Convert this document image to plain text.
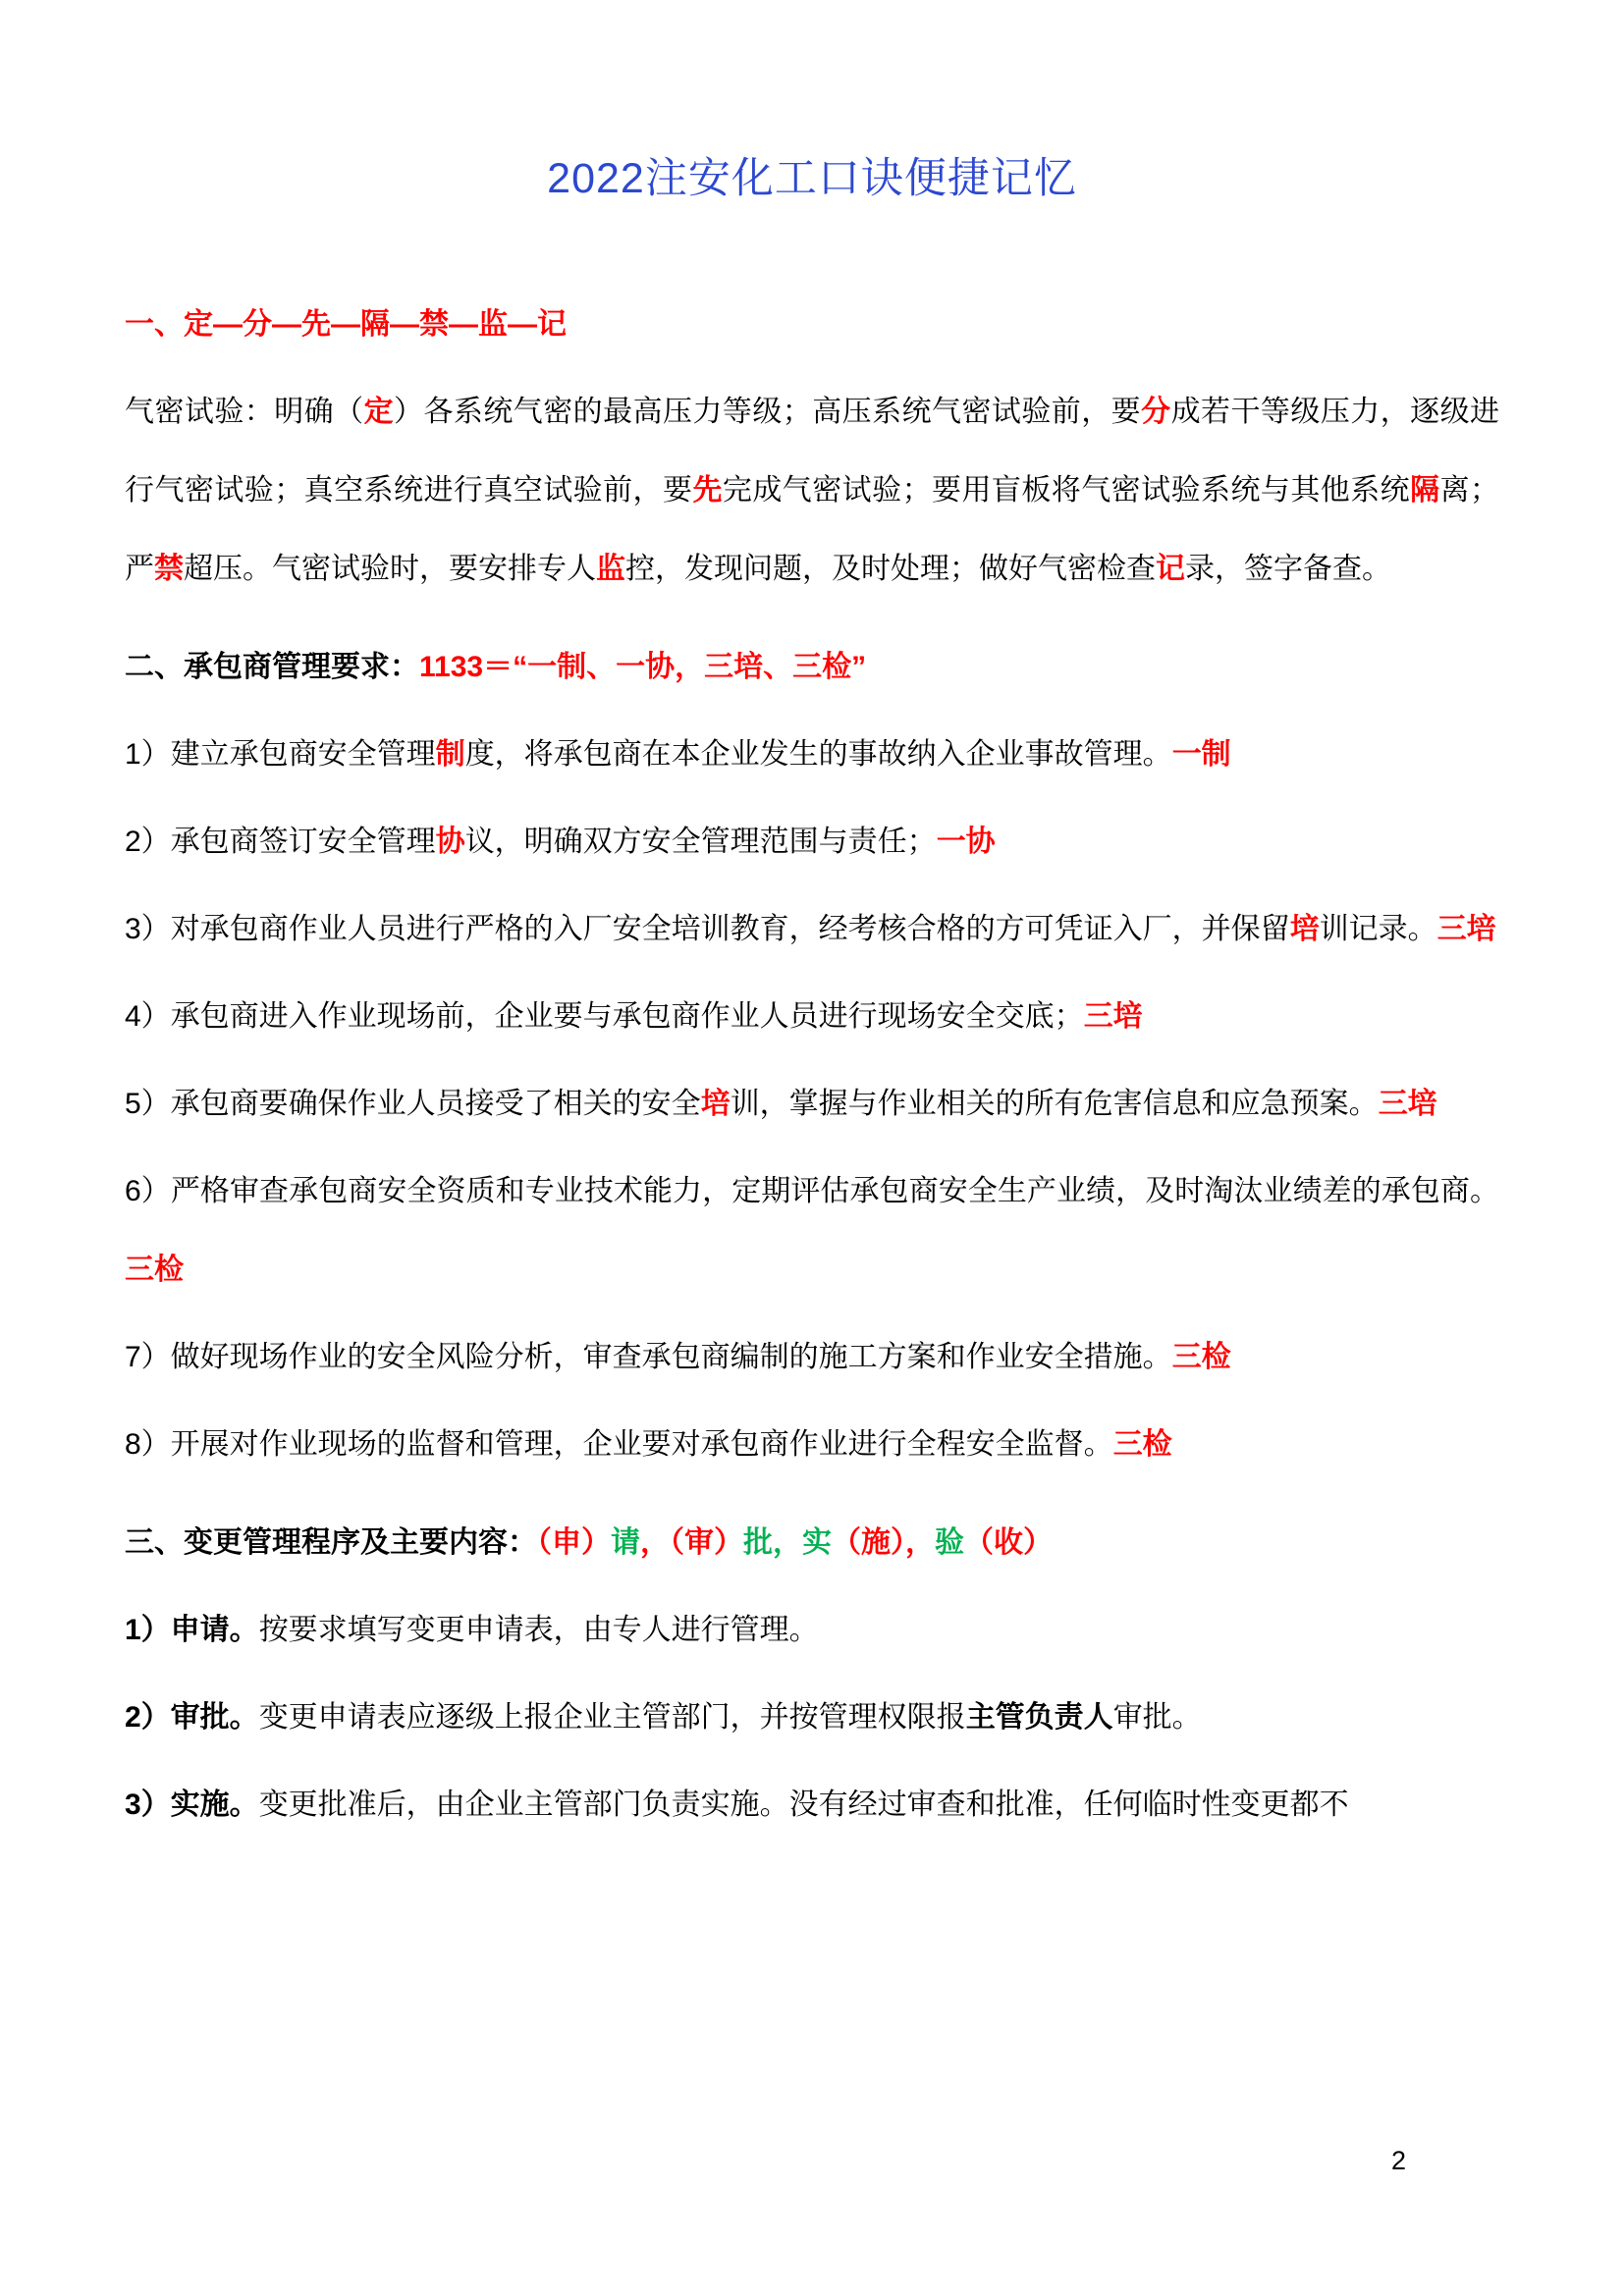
2022注安化工口诀便捷记忆

一、定—分—先—隔—禁—监—记

气密试验：明确（定）各系统气密的最高压力等级；高压系统气密试验前，要分成若干等级压力，逐级进行气密试验；真空系统进行真空试验前，要先完成气密试验；要用盲板将气密试验系统与其他系统隔离；严禁超压。气密试验时，要安排专人监控，发现问题，及时处理；做好气密检查记录，签字备查。

二、承包商管理要求：1133＝“一制、一协，三培、三检”

1）建立承包商安全管理制度，将承包商在本企业发生的事故纳入企业事故管理。一制

2）承包商签订安全管理协议，明确双方安全管理范围与责任；一协

3）对承包商作业人员进行严格的入厂安全培训教育，经考核合格的方可凭证入厂，并保留培训记录。三培

4）承包商进入作业现场前，企业要与承包商作业人员进行现场安全交底；三培

5）承包商要确保作业人员接受了相关的安全培训，掌握与作业相关的所有危害信息和应急预案。三培

6）严格审查承包商安全资质和专业技术能力，定期评估承包商安全生产业绩，及时淘汰业绩差的承包商。三检

7）做好现场作业的安全风险分析，审查承包商编制的施工方案和作业安全措施。三检

8）开展对作业现场的监督和管理，企业要对承包商作业进行全程安全监督。三检

三、变更管理程序及主要内容：（申）请，（审）批，实（施），验（收）

1）申请。按要求填写变更申请表，由专人进行管理。

2）审批。变更申请表应逐级上报企业主管部门，并按管理权限报主管负责人审批。

3）实施。变更批准后，由企业主管部门负责实施。没有经过审查和批准，任何临时性变更都不

2
